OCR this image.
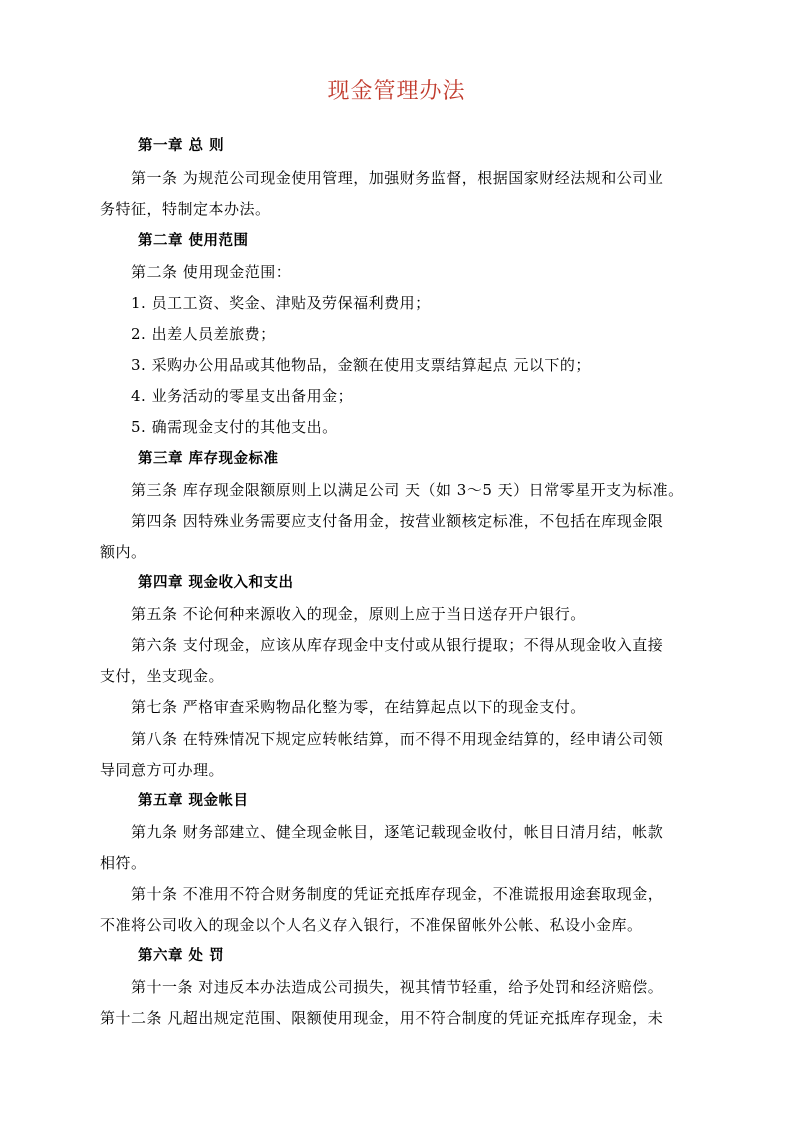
现金管理办法
第一章 总 则
第一条 为规范公司现金使用管理，加强财务监督，根据国家财经法规和公司业
务特征，特制定本办法。
第二章 使用范围
第二条 使用现金范围：
1. 员工工资、奖金、津贴及劳保福利费用；
2. 出差人员差旅费；
3. 采购办公用品或其他物品，金额在使用支票结算起点 元以下的；
4. 业务活动的零星支出备用金；
5. 确需现金支付的其他支出。
第三章 库存现金标准
第三条 库存现金限额原则上以满足公司 天（如 3～5 天）日常零星开支为标准。
第四条 因特殊业务需要应支付备用金，按营业额核定标准，不包括在库现金限
额内。
第四章 现金收入和支出
第五条 不论何种来源收入的现金，原则上应于当日送存开户银行。
第六条 支付现金，应该从库存现金中支付或从银行提取；不得从现金收入直接
支付，坐支现金。
第七条 严格审查采购物品化整为零，在结算起点以下的现金支付。
第八条 在特殊情况下规定应转帐结算，而不得不用现金结算的，经申请公司领
导同意方可办理。
第五章 现金帐目
第九条 财务部建立、健全现金帐目，逐笔记载现金收付，帐目日清月结，帐款
相符。
第十条 不准用不符合财务制度的凭证充抵库存现金，不准谎报用途套取现金，
不准将公司收入的现金以个人名义存入银行，不准保留帐外公帐、私设小金库。
第六章 处 罚
第十一条 对违反本办法造成公司损失，视其情节轻重，给予处罚和经济赔偿。
第十二条 凡超出规定范围、限额使用现金，用不符合制度的凭证充抵库存现金，未
